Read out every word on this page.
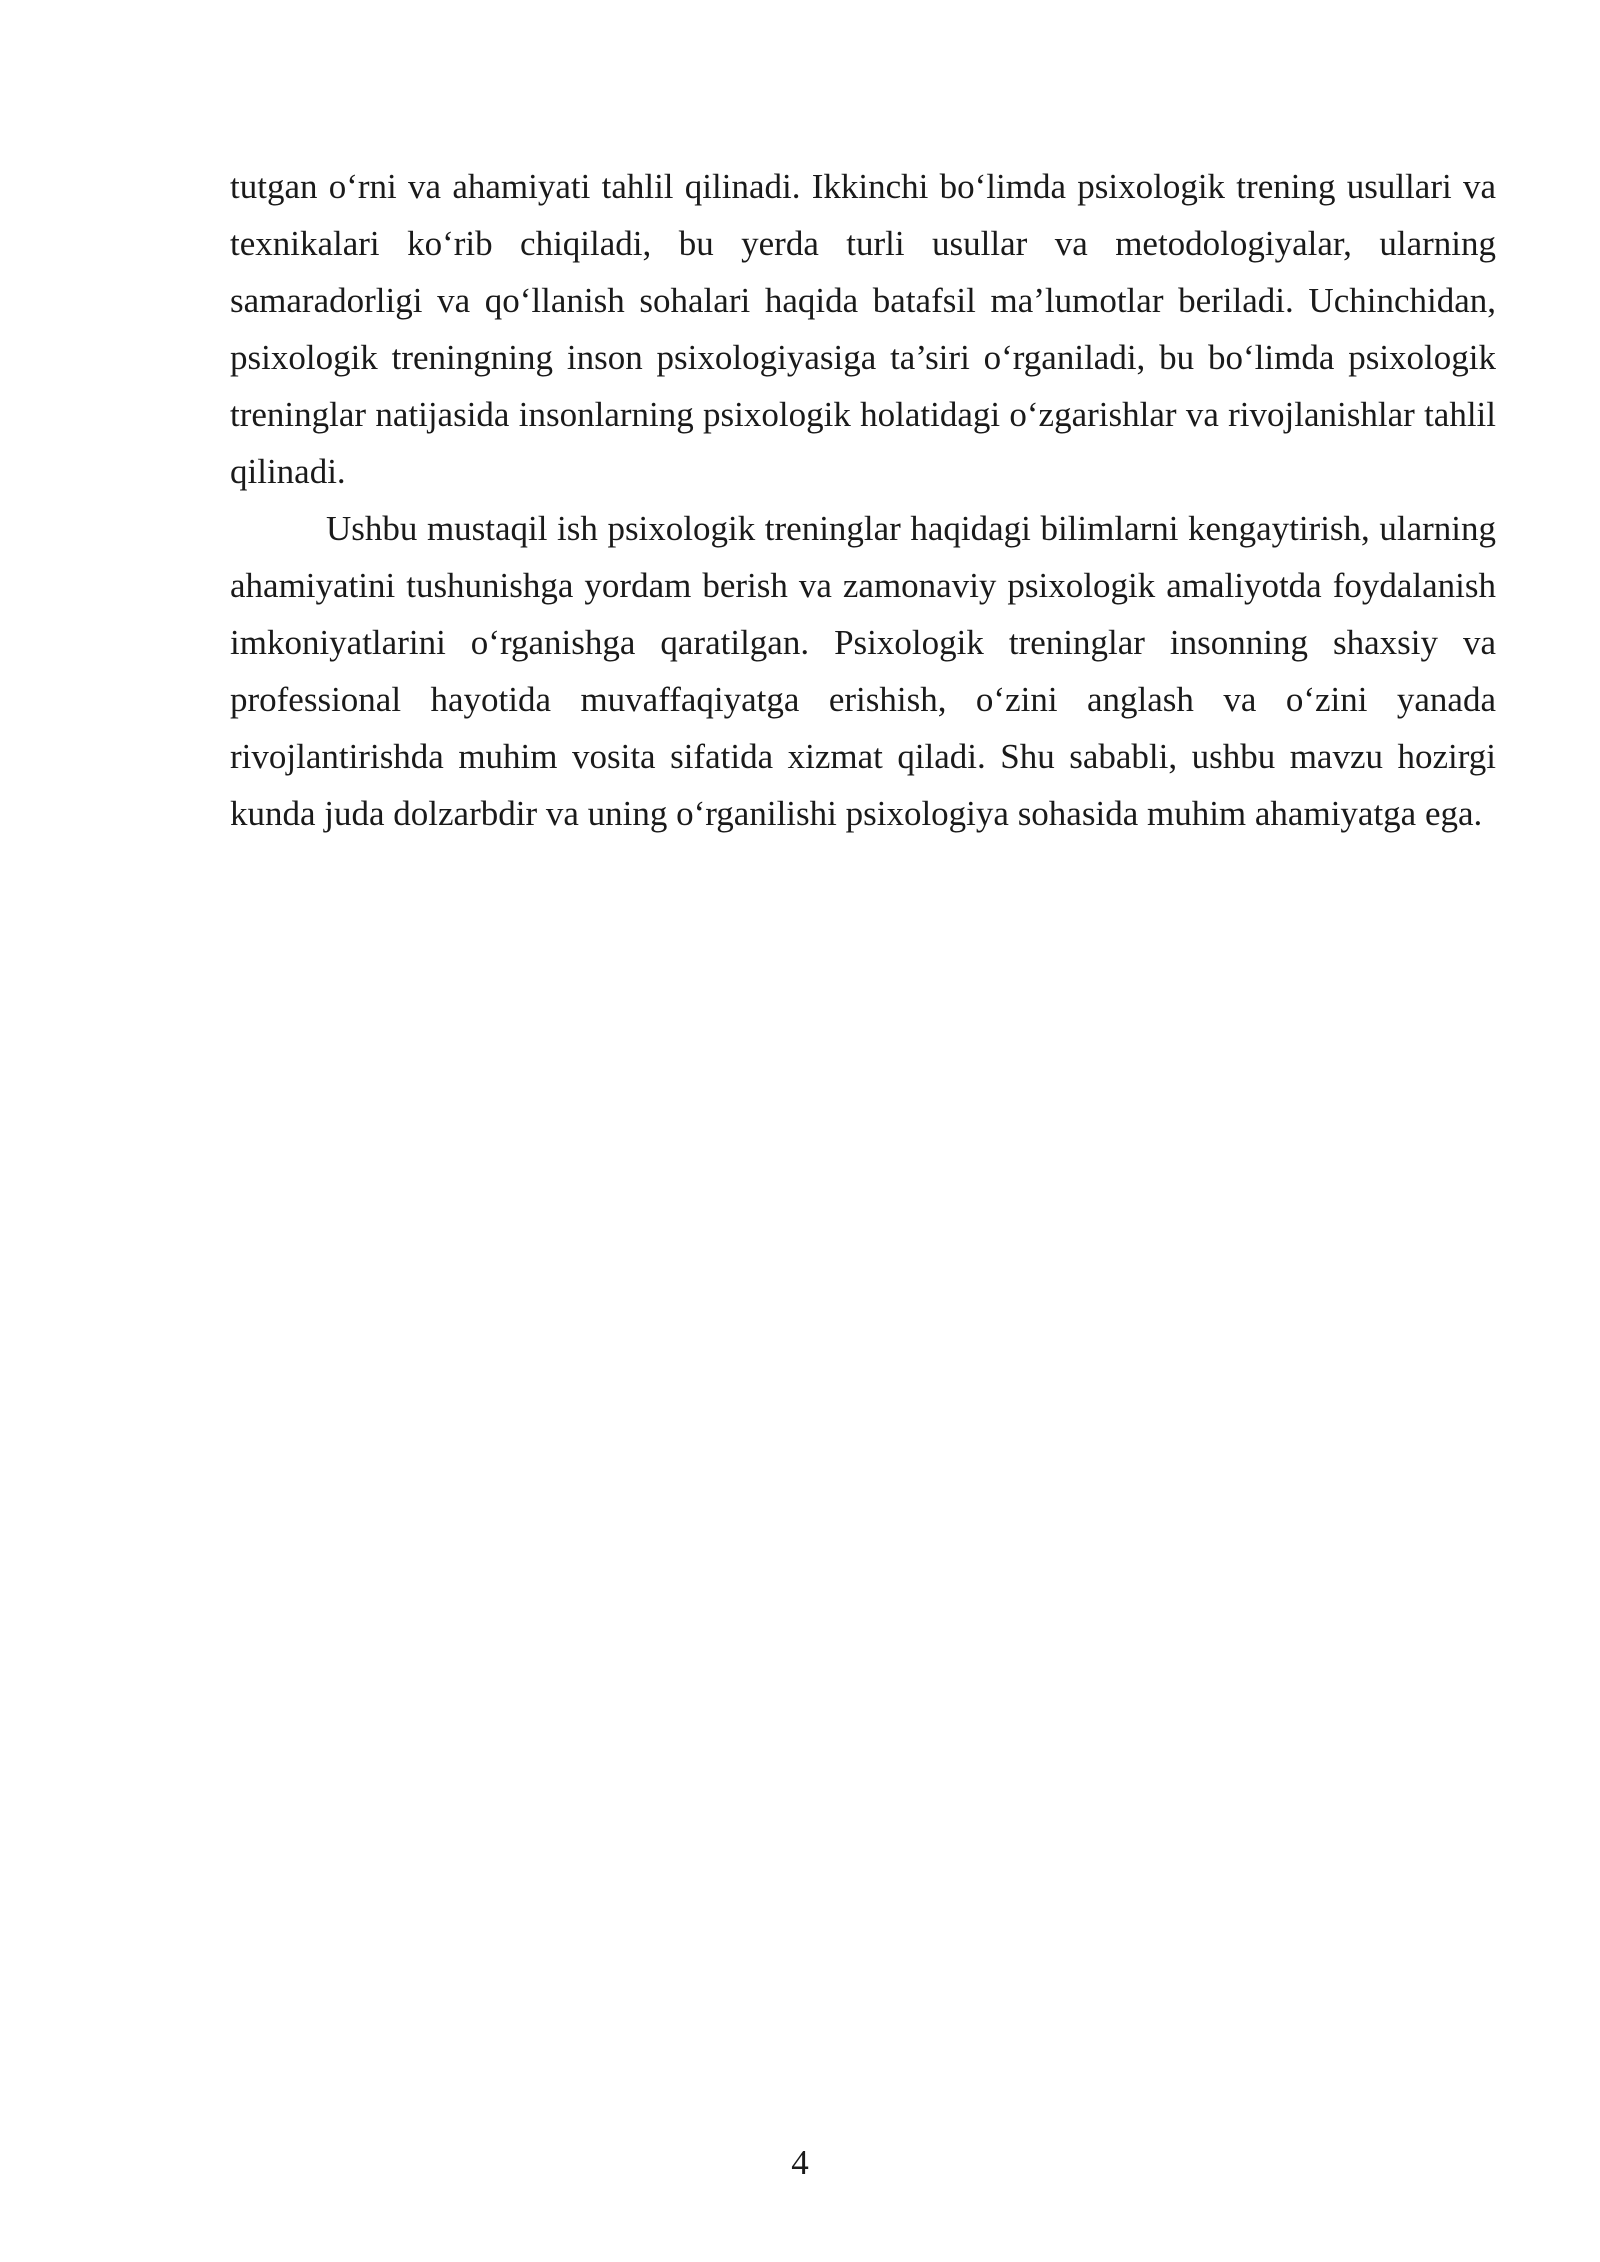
tutgan o‘rni va ahamiyati tahlil qilinadi. Ikkinchi bo‘limda psixologik trening usullari va texnikalari ko‘rib chiqiladi, bu yerda turli usullar va metodologiyalar, ularning samaradorligi va qo‘llanish sohalari haqida batafsil ma’lumotlar beriladi. Uchinchidan, psixologik treningning inson psixologiyasiga ta’siri o‘rganiladi, bu bo‘limda psixologik treninglar natijasida insonlarning psixologik holatidagi o‘zgarishlar va rivojlanishlar tahlil qilinadi.

Ushbu mustaqil ish psixologik treninglar haqidagi bilimlarni kengaytirish, ularning ahamiyatini tushunishga yordam berish va zamonaviy psixologik amaliyotda foydalanish imkoniyatlarini o‘rganishga qaratilgan. Psixologik treninglar insonning shaxsiy va professional hayotida muvaffaqiyatga erishish, o‘zini anglash va o‘zini yanada rivojlantirishda muhim vosita sifatida xizmat qiladi. Shu sababli, ushbu mavzu hozirgi kunda juda dolzarbdir va uning o‘rganilishi psixologiya sohasida muhim ahamiyatga ega.

4
